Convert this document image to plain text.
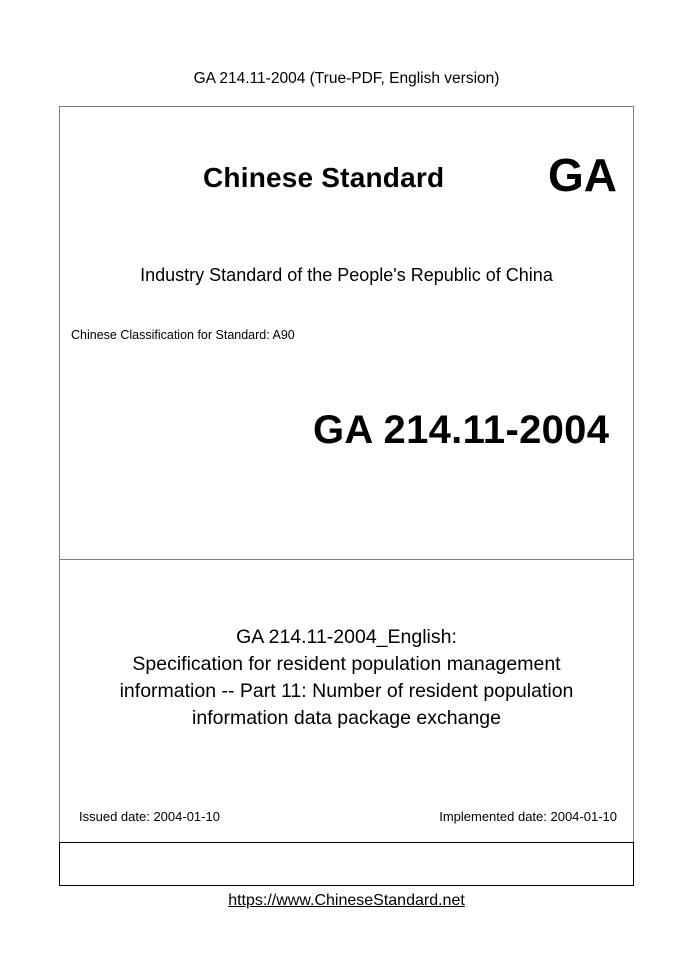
GA 214.11-2004 (True-PDF, English version)
Chinese Standard GA
Industry Standard of the People's Republic of China
Chinese Classification for Standard: A90
GA 214.11-2004
GA 214.11-2004_English:
Specification for resident population management
information -- Part 11: Number of resident population
information data package exchange
Issued date: 2004-01-10	Implemented date: 2004-01-10
https://www.ChineseStandard.net
